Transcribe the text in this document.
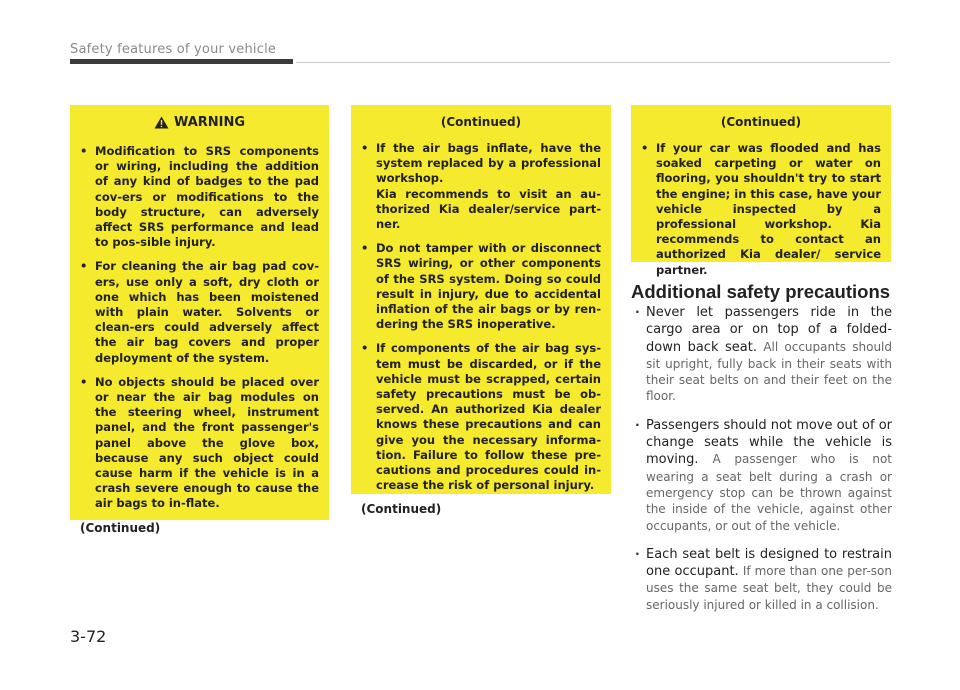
Safety features of your vehicle
WARNING
• Modification to SRS components or wiring, including the addition of any kind of badges to the pad cov-ers or modifications to the body structure, can adversely affect SRS performance and lead to pos-sible injury.
• For cleaning the air bag pad cov-ers, use only a soft, dry cloth or one which has been moistened with plain water. Solvents or clean-ers could adversely affect the air bag covers and proper deployment of the system.
• No objects should be placed over or near the air bag modules on the steering wheel, instrument panel, and the front passenger's panel above the glove box, because any such object could cause harm if the vehicle is in a crash severe enough to cause the air bags to in-flate.
(Continued)
(Continued)
• If the air bags inflate, have the system replaced by a professional workshop.
Kia recommends to visit an au-thorized Kia dealer/service part-ner.
• Do not tamper with or disconnect SRS wiring, or other components of the SRS system. Doing so could result in injury, due to accidental inflation of the air bags or by ren-dering the SRS inoperative.
• If components of the air bag sys-tem must be discarded, or if the vehicle must be scrapped, certain safety precautions must be ob-served. An authorized Kia dealer knows these precautions and can give you the necessary informa-tion. Failure to follow these pre-cautions and procedures could in-crease the risk of personal injury.
(Continued)
(Continued)
• If your car was flooded and has soaked carpeting or water on flooring, you shouldn't try to start the engine; in this case, have your vehicle inspected by a professional workshop. Kia recommends to contact an authorized Kia dealer/ service partner.
Additional safety precautions
· Never let passengers ride in the cargo area or on top of a folded-down back seat. All occupants should sit upright, fully back in their seats with their seat belts on and their feet on the floor.
· Passengers should not move out of or change seats while the vehicle is moving. A passenger who is not wearing a seat belt during a crash or emergency stop can be thrown against the inside of the vehicle, against other occupants, or out of the vehicle.
· Each seat belt is designed to restrain one occupant. If more than one per-son uses the same seat belt, they could be seriously injured or killed in a collision.
3-72
